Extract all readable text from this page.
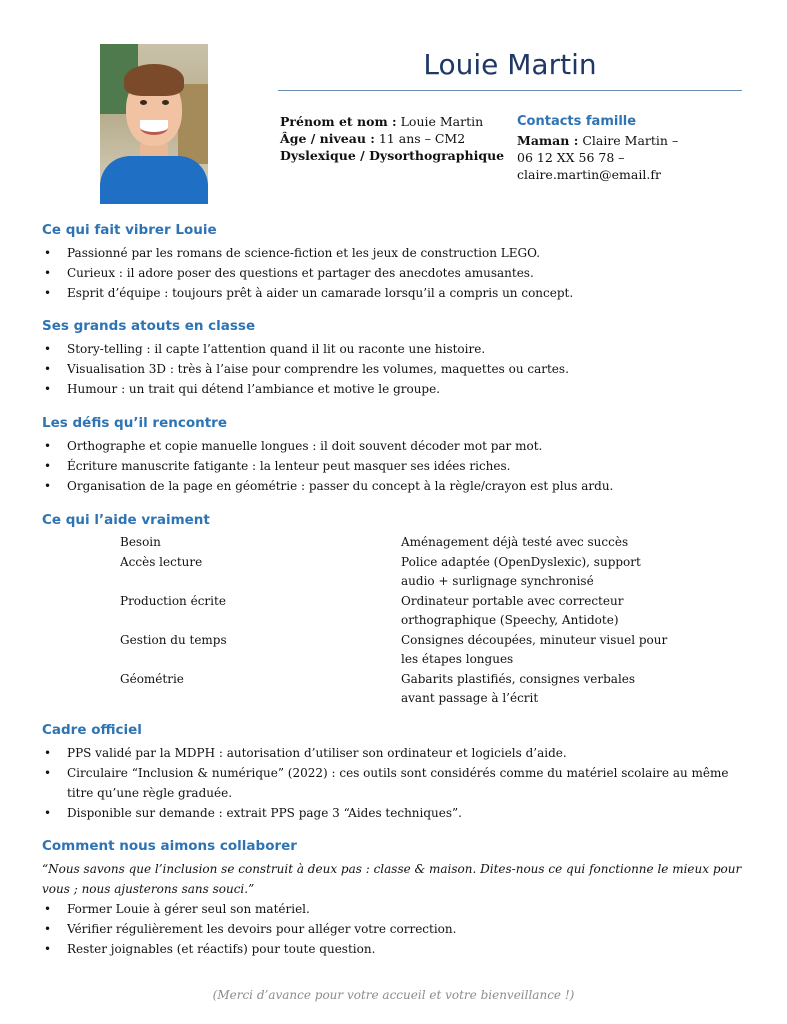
Louie Martin
Prénom et nom : Louie Martin
Âge / niveau : 11 ans – CM2
Dyslexique / Dysorthographique
Contacts famille
Maman : Claire Martin –
06 12 XX 56 78 –
claire.martin@email.fr
Ce qui fait vibrer Louie
• Passionné par les romans de science-fiction et les jeux de construction LEGO.
• Curieux : il adore poser des questions et partager des anecdotes amusantes.
• Esprit d’équipe : toujours prêt à aider un camarade lorsqu’il a compris un concept.
Ses grands atouts en classe
• Story-telling : il capte l’attention quand il lit ou raconte une histoire.
• Visualisation 3D : très à l’aise pour comprendre les volumes, maquettes ou cartes.
• Humour : un trait qui détend l’ambiance et motive le groupe.
Les défis qu’il rencontre
• Orthographe et copie manuelle longues : il doit souvent décoder mot par mot.
• Écriture manuscrite fatigante : la lenteur peut masquer ses idées riches.
• Organisation de la page en géométrie : passer du concept à la règle/crayon est plus ardu.
Ce qui l’aide vraiment
Besoin	Aménagement déjà testé avec succès
Accès lecture	Police adaptée (OpenDyslexic), support
audio + surlignage synchronisé
Production écrite	Ordinateur portable avec correcteur
orthographique (Speechy, Antidote)
Gestion du temps	Consignes découpées, minuteur visuel pour
les étapes longues
Géométrie	Gabarits plastifiés, consignes verbales
avant passage à l’écrit
Cadre officiel
• PPS validé par la MDPH : autorisation d’utiliser son ordinateur et logiciels d’aide.
• Circulaire “Inclusion & numérique” (2022) : ces outils sont considérés comme du matériel scolaire au même titre qu’une règle graduée.
• Disponible sur demande : extrait PPS page 3 “Aides techniques”.
Comment nous aimons collaborer
“Nous savons que l’inclusion se construit à deux pas : classe & maison. Dites-nous ce qui fonctionne le mieux pour vous ; nous ajusterons sans souci.”
• Former Louie à gérer seul son matériel.
• Vérifier régulièrement les devoirs pour alléger votre correction.
• Rester joignables (et réactifs) pour toute question.
(Merci d’avance pour votre accueil et votre bienveillance !)
